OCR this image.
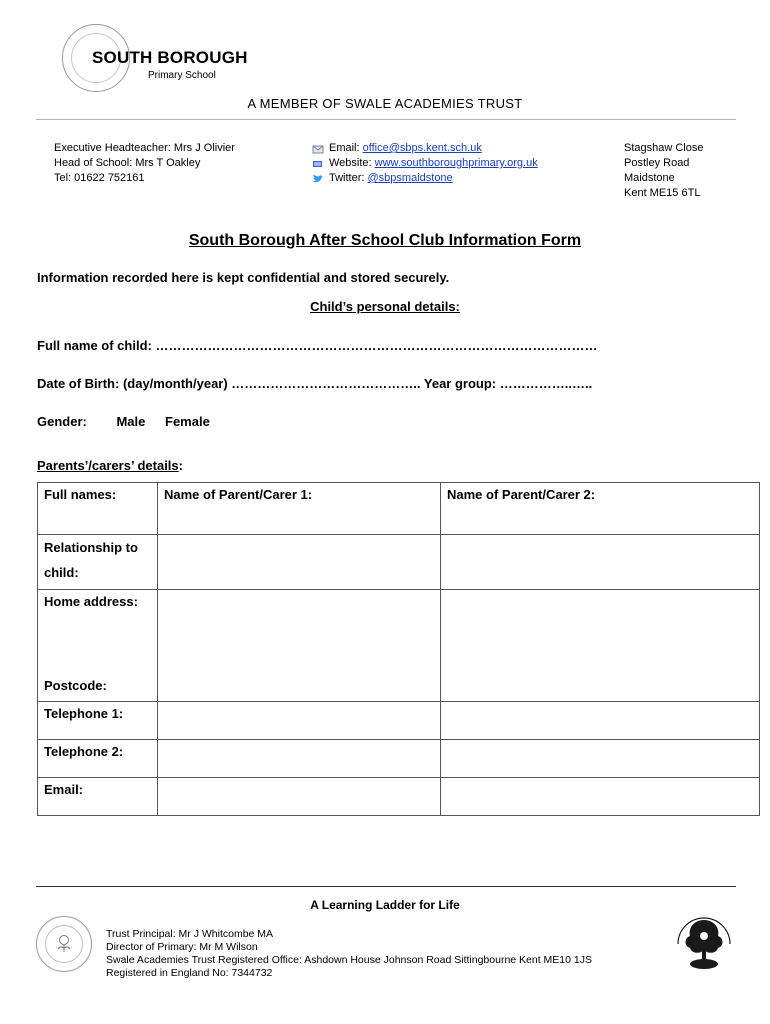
SOUTH BOROUGH
Primary School
A MEMBER OF SWALE ACADEMIES TRUST
Executive Headteacher: Mrs J Olivier
Head of School: Mrs T Oakley
Tel: 01622 752161
Email: office@sbps.kent.sch.uk
Website: www.southboroughprimary.org.uk
Twitter: @sbpsmaidstone
Stagshaw Close
Postley Road
Maidstone
Kent ME15 6TL
South Borough After School Club Information Form
Information recorded here is kept confidential and stored securely.
Child’s personal details:
Full name of child: …………………………………………………………………………………………
Date of Birth: (day/month/year) …………………………………….. Year group: ……………..…..
Gender: Male Female
Parents’/carers’ details:
Full names:	Name of Parent/Carer 1:	Name of Parent/Carer 2:

Relationship to
child:		

Home address:
Postcode:		

Telephone 1:		
Telephone 2:		
Email:		
A Learning Ladder for Life
Trust Principal: Mr J Whitcombe MA
Director of Primary: Mr M Wilson
Swale Academies Trust Registered Office: Ashdown House Johnson Road Sittingbourne Kent ME10 1JS
Registered in England No: 7344732
